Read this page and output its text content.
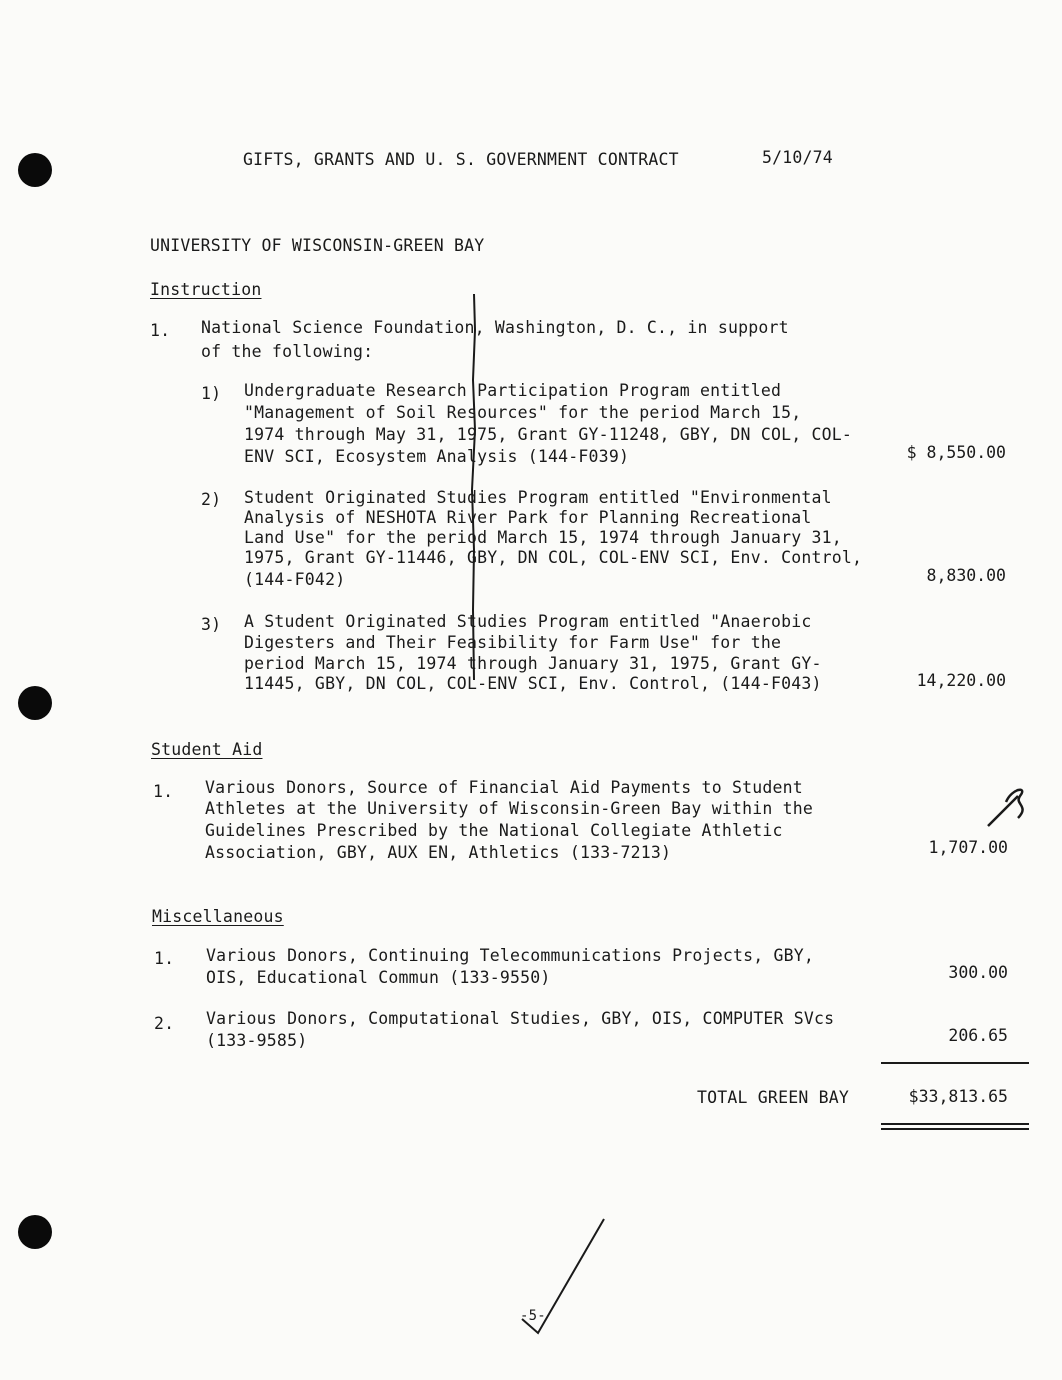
GIFTS, GRANTS AND U. S. GOVERNMENT CONTRACT	5/10/74
UNIVERSITY OF WISCONSIN-GREEN BAY
Instruction
1. National Science Foundation, Washington, D. C., in support
of the following:
1) Undergraduate Research Participation Program entitled
"Management of Soil Resources" for the period March 15,
1974 through May 31, 1975, Grant GY-11248, GBY, DN COL, COL-
ENV SCI, Ecosystem Analysis (144-F039)	$ 8,550.00
2) Student Originated Studies Program entitled "Environmental
Analysis of NESHOTA River Park for Planning Recreational
Land Use" for the period March 15, 1974 through January 31,
1975, Grant GY-11446, GBY, DN COL, COL-ENV SCI, Env. Control,
(144-F042)	8,830.00
3) A Student Originated Studies Program entitled "Anaerobic
Digesters and Their Feasibility for Farm Use" for the
period March 15, 1974 through January 31, 1975, Grant GY-
11445, GBY, DN COL, COL-ENV SCI, Env. Control, (144-F043)	14,220.00
Student Aid
1. Various Donors, Source of Financial Aid Payments to Student
Athletes at the University of Wisconsin-Green Bay within the
Guidelines Prescribed by the National Collegiate Athletic
Association, GBY, AUX EN, Athletics (133-7213)	1,707.00
Miscellaneous
1. Various Donors, Continuing Telecommunications Projects, GBY,
OIS, Educational Commun (133-9550)	300.00
2. Various Donors, Computational Studies, GBY, OIS, COMPUTER SVcs
(133-9585)	206.65
TOTAL GREEN BAY	$33,813.65
-5-
